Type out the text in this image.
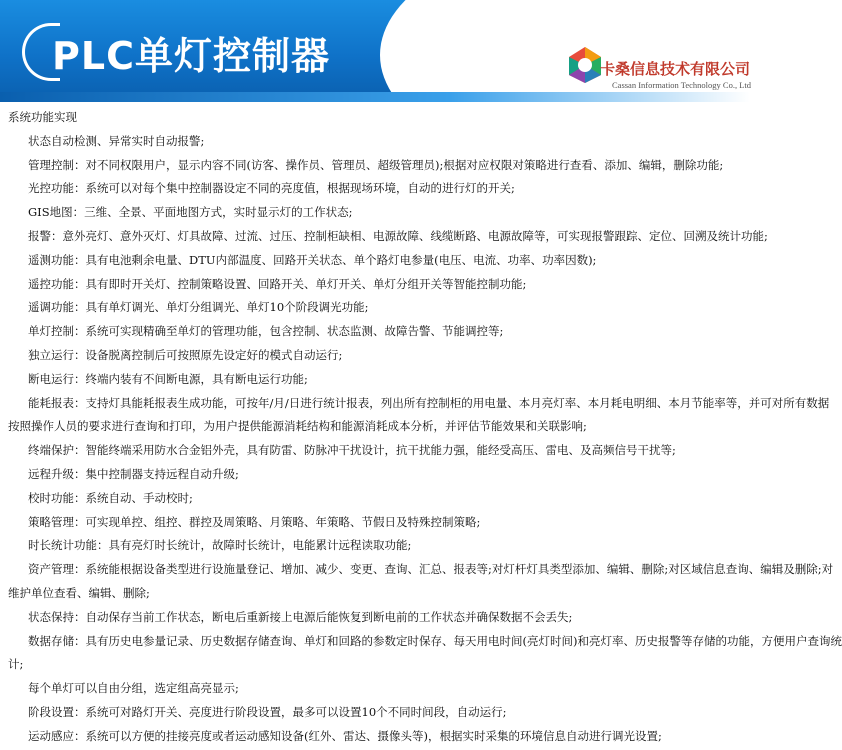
PLC单灯控制器	卡桑信息技术有限公司
Cassan Information Technology Co., Ltd
系统功能实现
状态自动检测、异常实时自动报警;
管理控制：对不同权限用户，显示内容不同(访客、操作员、管理员、超级管理员);根据对应权限对策略进行查看、添加、编辑，删除功能;
光控功能：系统可以对每个集中控制器设定不同的亮度值，根据现场环境，自动的进行灯的开关;
GIS地图：三维、全景、平面地图方式，实时显示灯的工作状态;
报警：意外亮灯、意外灭灯、灯具故障、过流、过压、控制柜缺相、电源故障、线缆断路、电源故障等，可实现报警跟踪、定位、回溯及统计功能;
遥测功能：具有电池剩余电量、DTU内部温度、回路开关状态、单个路灯电参量(电压、电流、功率、功率因数);
遥控功能：具有即时开关灯、控制策略设置、回路开关、单灯开关、单灯分组开关等智能控制功能;
遥调功能：具有单灯调光、单灯分组调光、单灯10个阶段调光功能;
单灯控制：系统可实现精确至单灯的管理功能，包含控制、状态监测、故障告警、节能调控等;
独立运行：设备脱离控制后可按照原先设定好的模式自动运行;
断电运行：终端内装有不间断电源，具有断电运行功能;
能耗报表：支持灯具能耗报表生成功能，可按年/月/日进行统计报表，列出所有控制柜的用电量、本月亮灯率、本月耗电明细、本月节能率等，并可对所有数据
按照操作人员的要求进行查询和打印，为用户提供能源消耗结构和能源消耗成本分析，并评估节能效果和关联影响;
终端保护：智能终端采用防水合金铝外壳，具有防雷、防脉冲干扰设计，抗干扰能力强，能经受高压、雷电、及高频信号干扰等;
远程升级：集中控制器支持远程自动升级;
校时功能：系统自动、手动校时;
策略管理：可实现单控、组控、群控及周策略、月策略、年策略、节假日及特殊控制策略;
时长统计功能：具有亮灯时长统计，故障时长统计，电能累计远程读取功能;
资产管理：系统能根据设备类型进行设施量登记、增加、减少、变更、查询、汇总、报表等;对灯杆灯具类型添加、编辑、删除;对区域信息查询、编辑及删除;对
维护单位查看、编辑、删除;
状态保持：自动保存当前工作状态，断电后重新接上电源后能恢复到断电前的工作状态并确保数据不会丢失;
数据存储：具有历史电参量记录、历史数据存储查询、单灯和回路的参数定时保存、每天用电时间(亮灯时间)和亮灯率、历史报警等存储的功能，方便用户查询统
计;
每个单灯可以自由分组，选定组高亮显示;
阶段设置：系统可对路灯开关、亮度进行阶段设置，最多可以设置10个不同时间段，自动运行;
运动感应：系统可以方便的挂接亮度或者运动感知设备(红外、雷达、摄像头等)，根据实时采集的环境信息自动进行调光设置;
